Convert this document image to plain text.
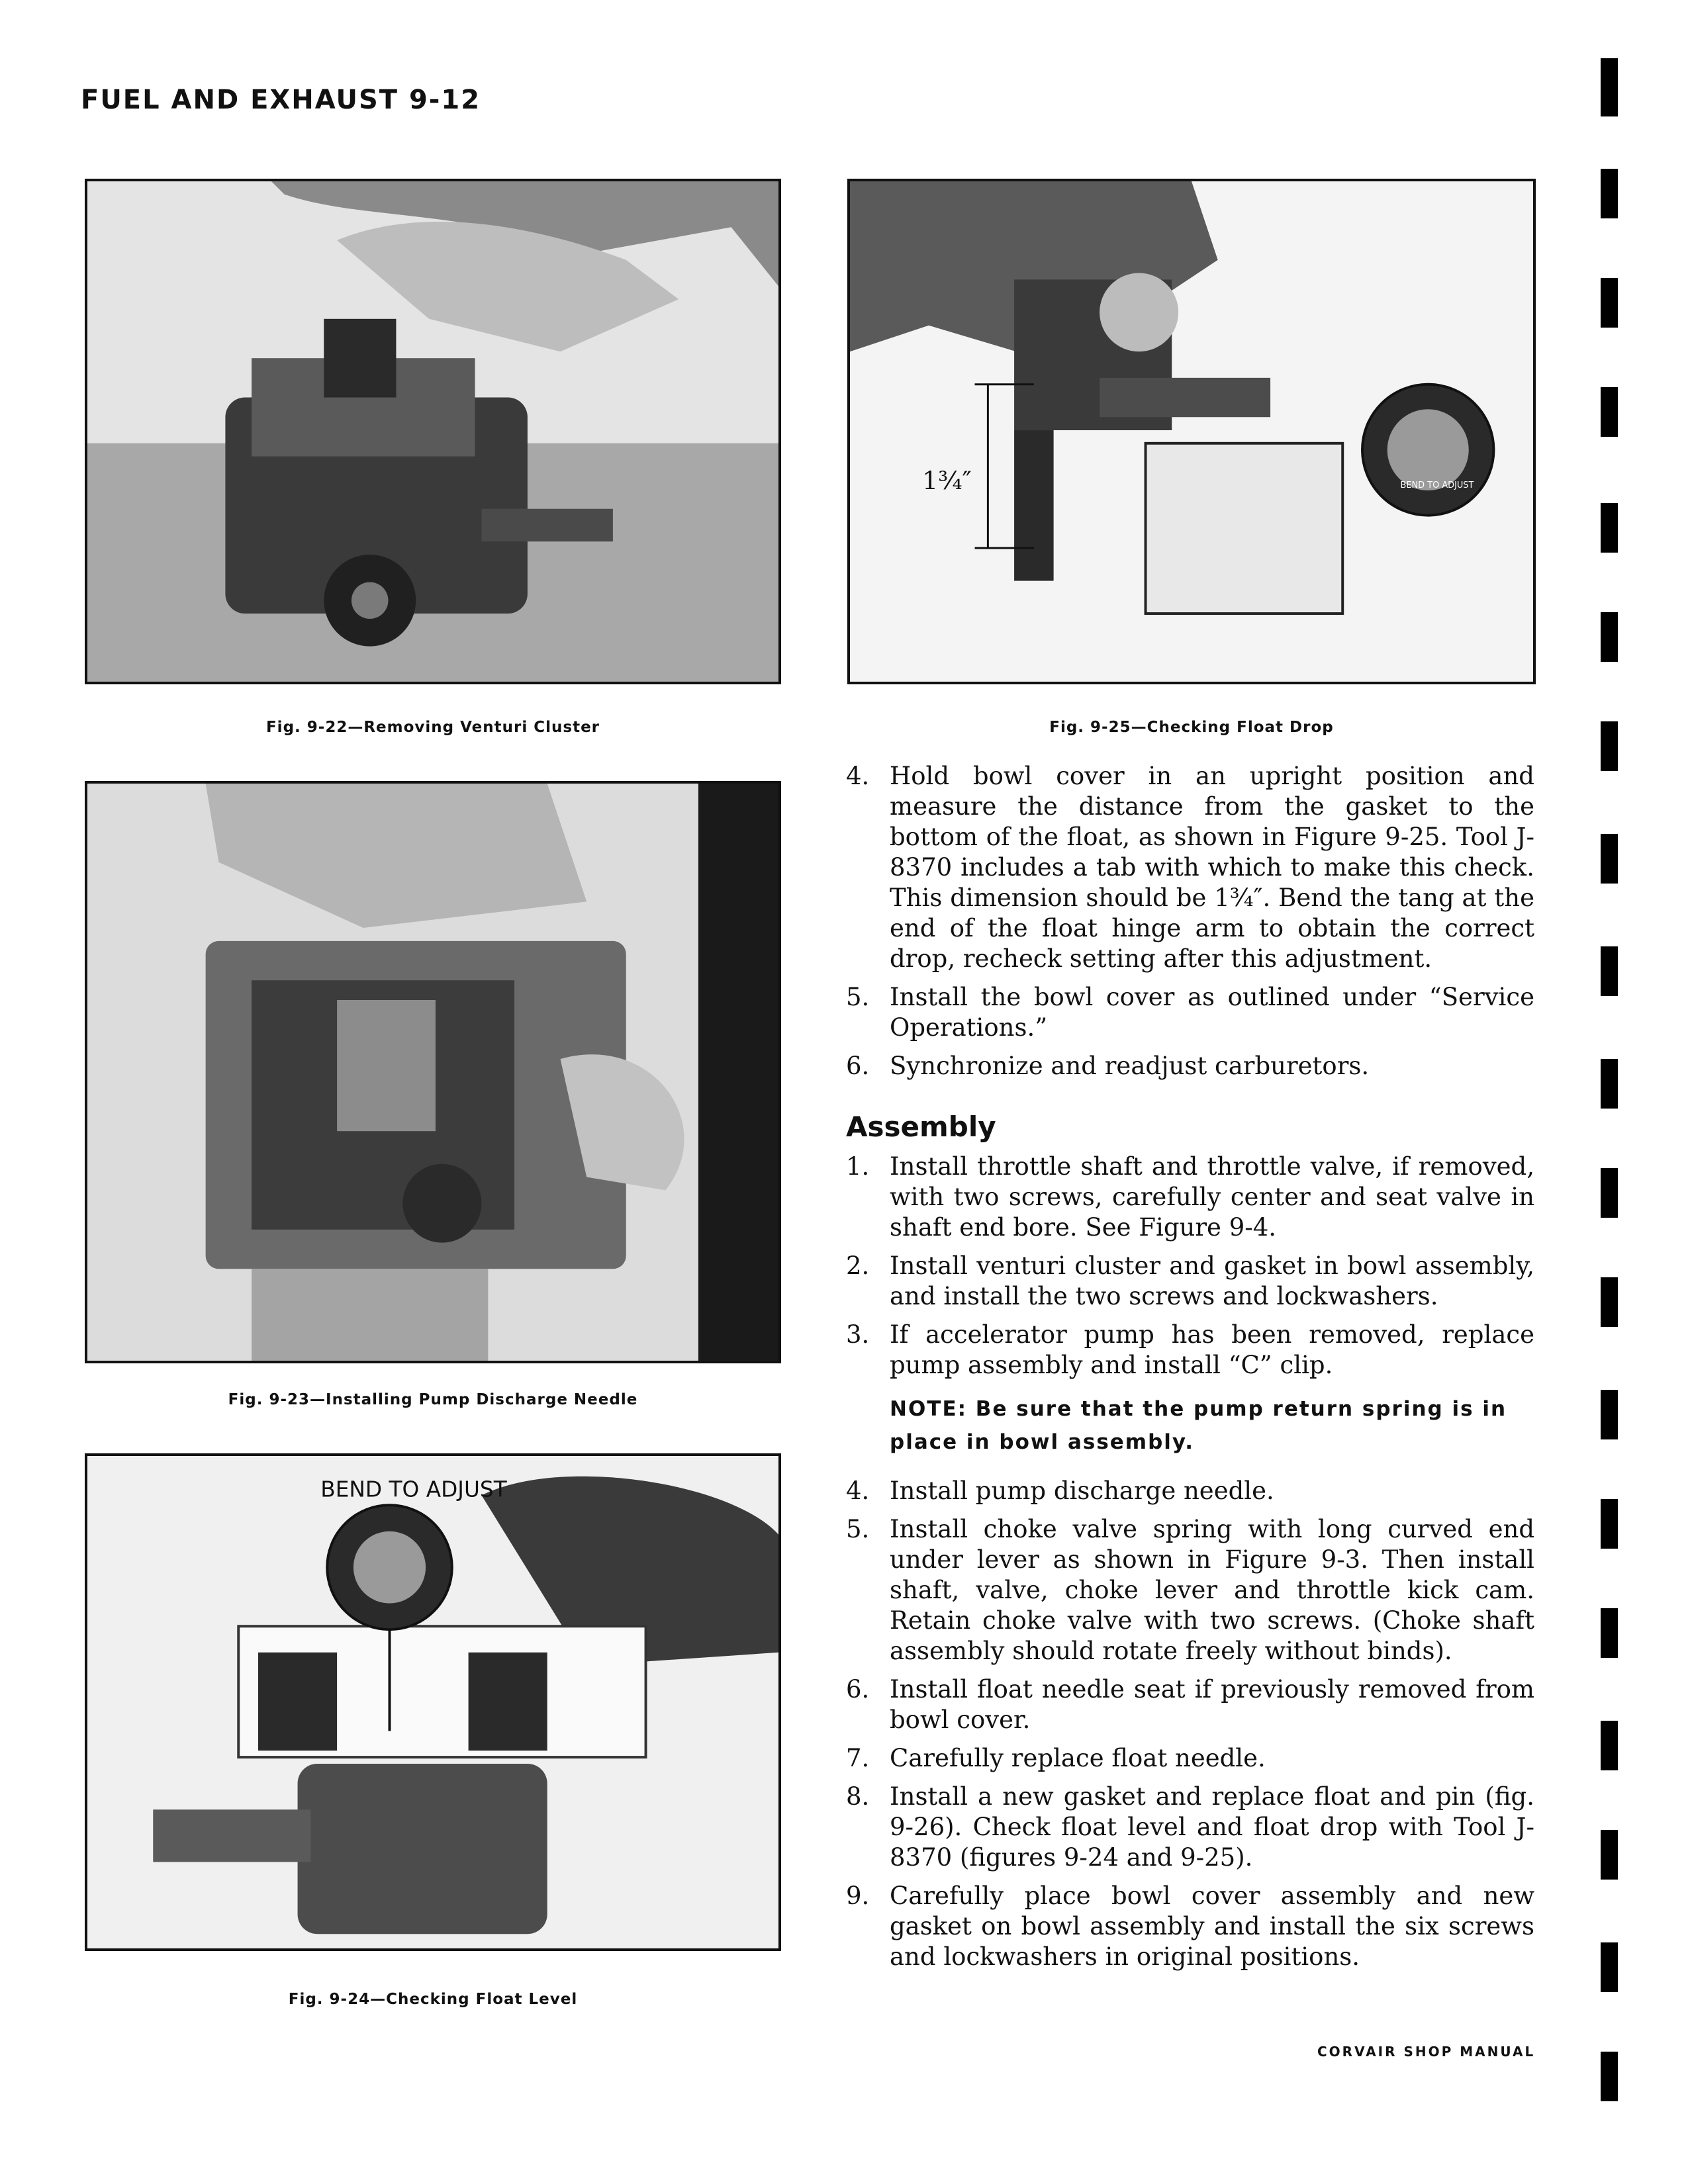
FUEL AND EXHAUST 9-12
Fig. 9-22—Removing Venturi Cluster
Fig. 9-23—Installing Pump Discharge Needle
BEND TO ADJUST
Fig. 9-24—Checking Float Level
1¾″	BEND TO ADJUST
Fig. 9-25—Checking Float Drop
4. Hold bowl cover in an upright position and measure the distance from the gasket to the bottom of the float, as shown in Figure 9-25. Tool J-8370 includes a tab with which to make this check. This dimension should be 1¾″. Bend the tang at the end of the float hinge arm to obtain the correct drop, recheck setting after this adjustment.
5. Install the bowl cover as outlined under “Service Operations.”
6. Synchronize and readjust carburetors.
Assembly
1. Install throttle shaft and throttle valve, if removed, with two screws, carefully center and seat valve in shaft end bore. See Figure 9-4.
2. Install venturi cluster and gasket in bowl assembly, and install the two screws and lockwashers.
3. If accelerator pump has been removed, replace pump assembly and install “C” clip.
NOTE: Be sure that the pump return spring is in place in bowl assembly.
4. Install pump discharge needle.
5. Install choke valve spring with long curved end under lever as shown in Figure 9-3. Then install shaft, valve, choke lever and throttle kick cam. Retain choke valve with two screws. (Choke shaft assembly should rotate freely without binds).
6. Install float needle seat if previously removed from bowl cover.
7. Carefully replace float needle.
8. Install a new gasket and replace float and pin (fig. 9-26). Check float level and float drop with Tool J-8370 (figures 9-24 and 9-25).
9. Carefully place bowl cover assembly and new gasket on bowl assembly and install the six screws and lockwashers in original positions.
CORVAIR SHOP MANUAL
